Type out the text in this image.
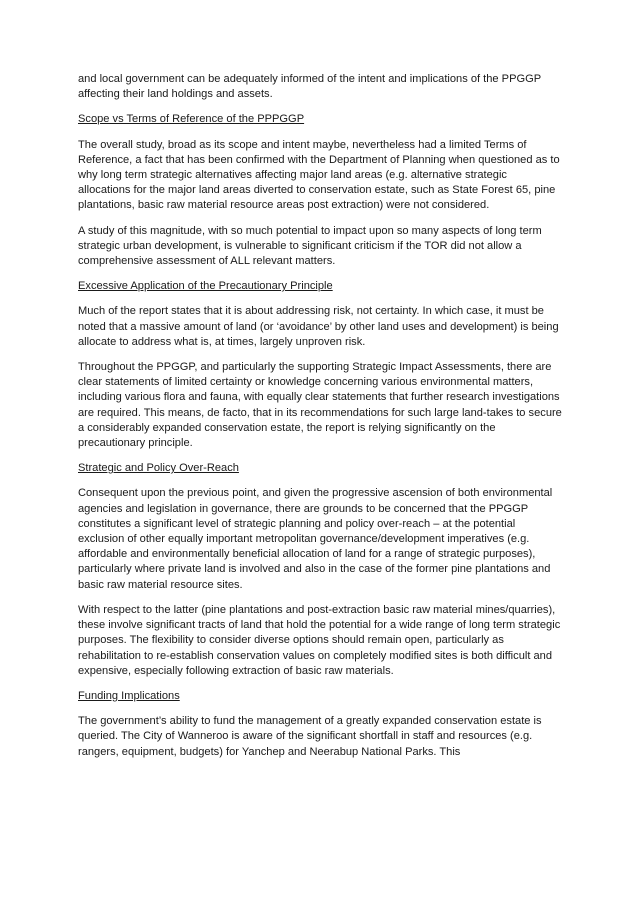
and local government can be adequately informed of the intent and implications of the PPGGP affecting their land holdings and assets.

Scope vs Terms of Reference of the PPPGGP

The overall study, broad as its scope and intent maybe, nevertheless had a limited Terms of Reference, a fact that has been confirmed with the Department of Planning when questioned as to why long term strategic alternatives affecting major land areas (e.g. alternative strategic allocations for the major land areas diverted to conservation estate, such as State Forest 65, pine plantations, basic raw material resource areas post extraction) were not considered.

A study of this magnitude, with so much potential to impact upon so many aspects of long term strategic urban development, is vulnerable to significant criticism if the TOR did not allow a comprehensive assessment of ALL relevant matters.

Excessive Application of the Precautionary Principle

Much of the report states that it is about addressing risk, not certainty. In which case, it must be noted that a massive amount of land (or ‘avoidance’ by other land uses and development) is being allocate to address what is, at times, largely unproven risk.

Throughout the PPGGP, and particularly the supporting Strategic Impact Assessments, there are clear statements of limited certainty or knowledge concerning various environmental matters, including various flora and fauna, with equally clear statements that further research investigations are required. This means, de facto, that in its recommendations for such large land-takes to secure a considerably expanded conservation estate, the report is relying significantly on the precautionary principle.

Strategic and Policy Over-Reach

Consequent upon the previous point, and given the progressive ascension of both environmental agencies and legislation in governance, there are grounds to be concerned that the PPGGP constitutes a significant level of strategic planning and policy over-reach – at the potential exclusion of other equally important metropolitan governance/development imperatives (e.g. affordable and environmentally beneficial allocation of land for a range of strategic purposes), particularly where private land is involved and also in the case of the former pine plantations and basic raw material resource sites.

With respect to the latter (pine plantations and post-extraction basic raw material mines/quarries), these involve significant tracts of land that hold the potential for a wide range of long term strategic purposes. The flexibility to consider diverse options should remain open, particularly as rehabilitation to re-establish conservation values on completely modified sites is both difficult and expensive, especially following extraction of basic raw materials.

Funding Implications

The government’s ability to fund the management of a greatly expanded conservation estate is queried. The City of Wanneroo is aware of the significant shortfall in staff and resources (e.g. rangers, equipment, budgets) for Yanchep and Neerabup National Parks. This
